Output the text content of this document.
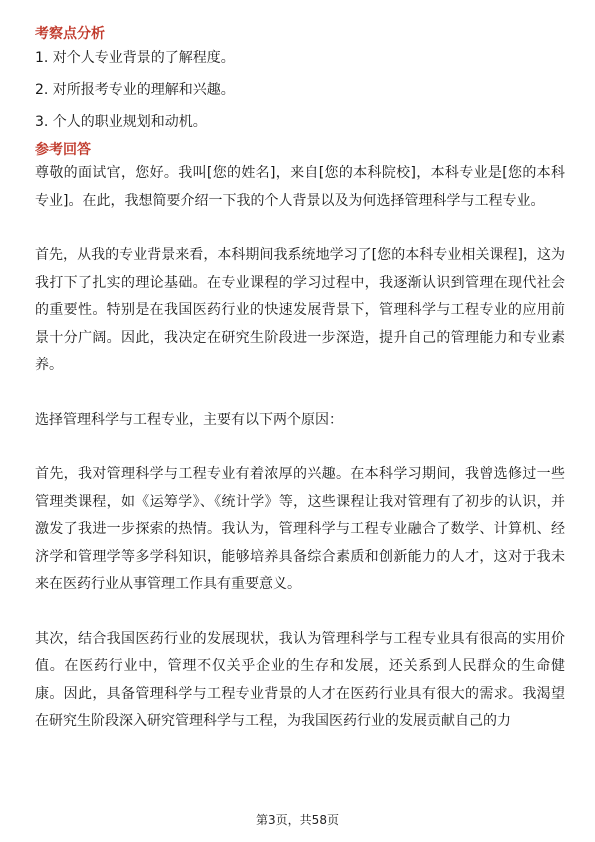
考察点分析

1. 对个人专业背景的了解程度。
2. 对所报考专业的理解和兴趣。
3. 个人的职业规划和动机。

参考回答

尊敬的面试官，您好。我叫[您的姓名]，来自[您的本科院校]，本科专业是[您的本科专业]。在此，我想简要介绍一下我的个人背景以及为何选择管理科学与工程专业。

首先，从我的专业背景来看，本科期间我系统地学习了[您的本科专业相关课程]，这为我打下了扎实的理论基础。在专业课程的学习过程中，我逐渐认识到管理在现代社会的重要性。特别是在我国医药行业的快速发展背景下，管理科学与工程专业的应用前景十分广阔。因此，我决定在研究生阶段进一步深造，提升自己的管理能力和专业素养。

选择管理科学与工程专业，主要有以下两个原因：

首先，我对管理科学与工程专业有着浓厚的兴趣。在本科学习期间，我曾选修过一些管理类课程，如《运筹学》、《统计学》等，这些课程让我对管理有了初步的认识，并激发了我进一步探索的热情。我认为，管理科学与工程专业融合了数学、计算机、经济学和管理学等多学科知识，能够培养具备综合素质和创新能力的人才，这对于我未来在医药行业从事管理工作具有重要意义。

其次，结合我国医药行业的发展现状，我认为管理科学与工程专业具有很高的实用价值。在医药行业中，管理不仅关乎企业的生存和发展，还关系到人民群众的生命健康。因此，具备管理科学与工程专业背景的人才在医药行业具有很大的需求。我渴望在研究生阶段深入研究管理科学与工程，为我国医药行业的发展贡献自己的力

第3页，共58页
